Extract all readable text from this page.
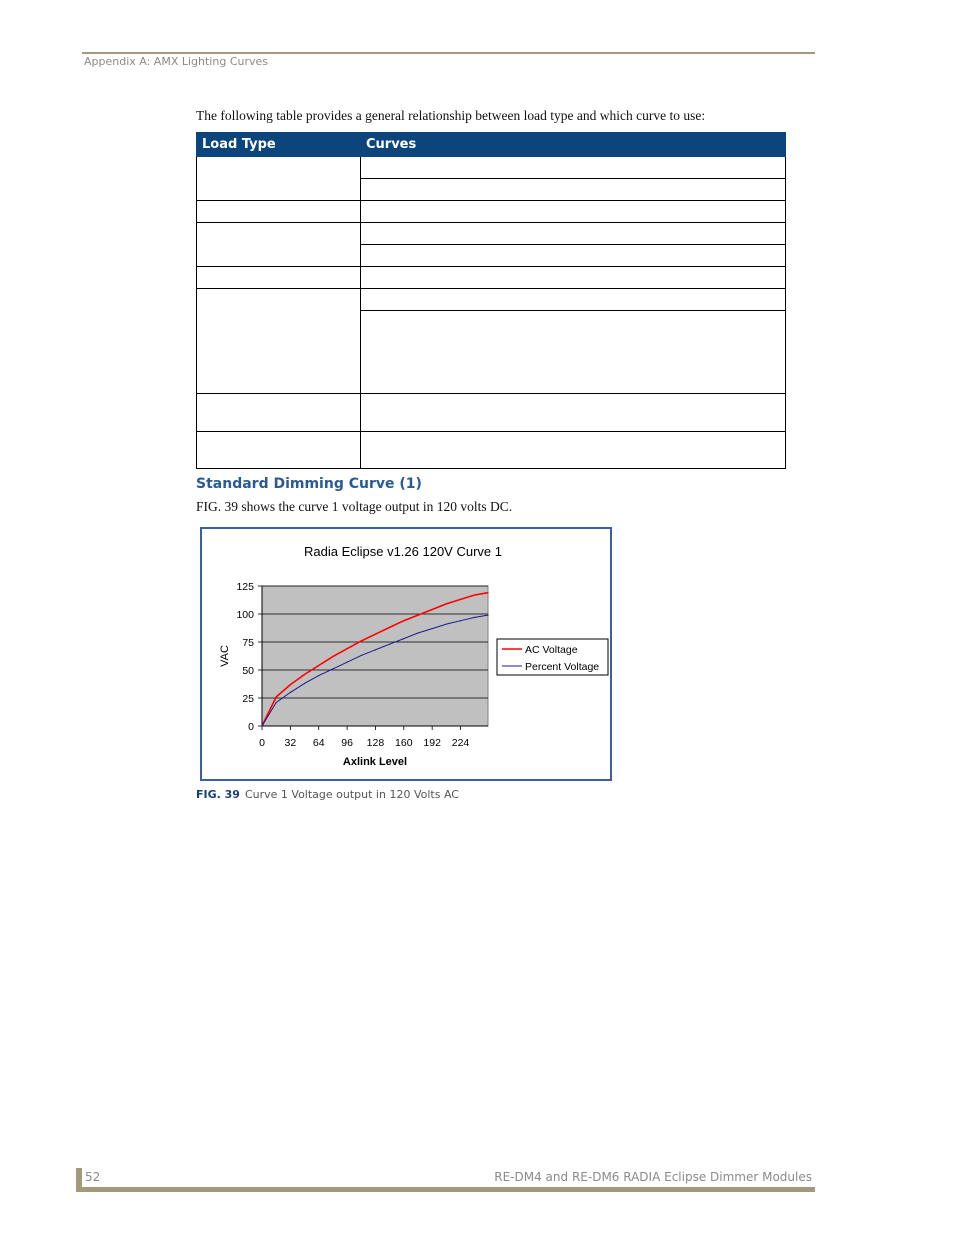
Appendix A: AMX Lighting Curves
The following table provides a general relationship between load type and which curve to use:
Load Type	Curves

Standard Dimming Curve (1)
FIG. 39 shows the curve 1 voltage output in 120 volts DC.
Radia Eclipse v1.26 120V Curve 1
0
25
50
75
100
125
0 32 64 96 128 160 192 224
Axlink Level
VAC	AC Voltage
Percent Voltage
FIG. 39 Curve 1 Voltage output in 120 Volts AC
52	RE-DM4 and RE-DM6 RADIA Eclipse Dimmer Modules
